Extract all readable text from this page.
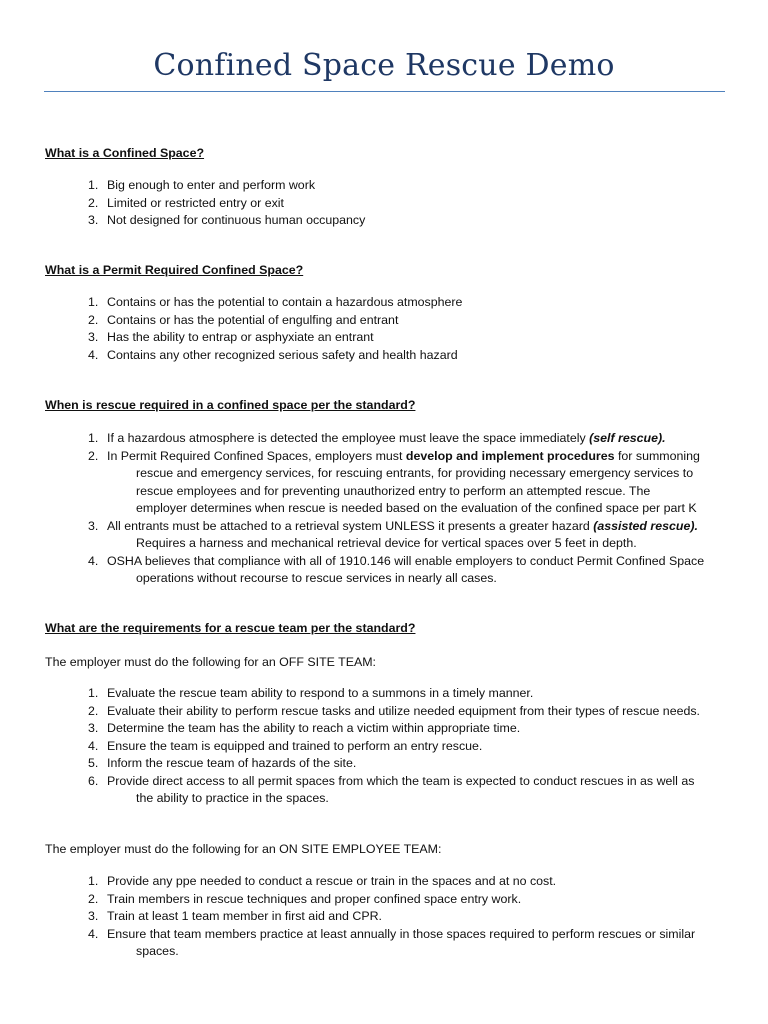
Confined Space Rescue Demo
What is a Confined Space?
1. Big enough to enter and perform work
2. Limited or restricted entry or exit
3. Not designed for continuous human occupancy
What is a Permit Required Confined Space?
1. Contains or has the potential to contain a hazardous atmosphere
2. Contains or has the potential of engulfing and entrant
3. Has the ability to entrap or asphyxiate an entrant
4. Contains any other recognized serious safety and health hazard
When is rescue required in a confined space per the standard?
1. If a hazardous atmosphere is detected the employee must leave the space immediately (self rescue).
2. In Permit Required Confined Spaces, employers must develop and implement procedures for summoning
rescue and emergency services, for rescuing entrants, for providing necessary emergency services to
rescue employees and for preventing unauthorized entry to perform an attempted rescue. The
employer determines when rescue is needed based on the evaluation of the confined space per part K
3. All entrants must be attached to a retrieval system UNLESS it presents a greater hazard (assisted rescue).
Requires a harness and mechanical retrieval device for vertical spaces over 5 feet in depth.
4. OSHA believes that compliance with all of 1910.146 will enable employers to conduct Permit Confined Space
operations without recourse to rescue services in nearly all cases.
What are the requirements for a rescue team per the standard?
The employer must do the following for an OFF SITE TEAM:
1. Evaluate the rescue team ability to respond to a summons in a timely manner.
2. Evaluate their ability to perform rescue tasks and utilize needed equipment from their types of rescue needs.
3. Determine the team has the ability to reach a victim within appropriate time.
4. Ensure the team is equipped and trained to perform an entry rescue.
5. Inform the rescue team of hazards of the site.
6. Provide direct access to all permit spaces from which the team is expected to conduct rescues in as well as
the ability to practice in the spaces.
The employer must do the following for an ON SITE EMPLOYEE TEAM:
1. Provide any ppe needed to conduct a rescue or train in the spaces and at no cost.
2. Train members in rescue techniques and proper confined space entry work.
3. Train at least 1 team member in first aid and CPR.
4. Ensure that team members practice at least annually in those spaces required to perform rescues or similar
spaces.
